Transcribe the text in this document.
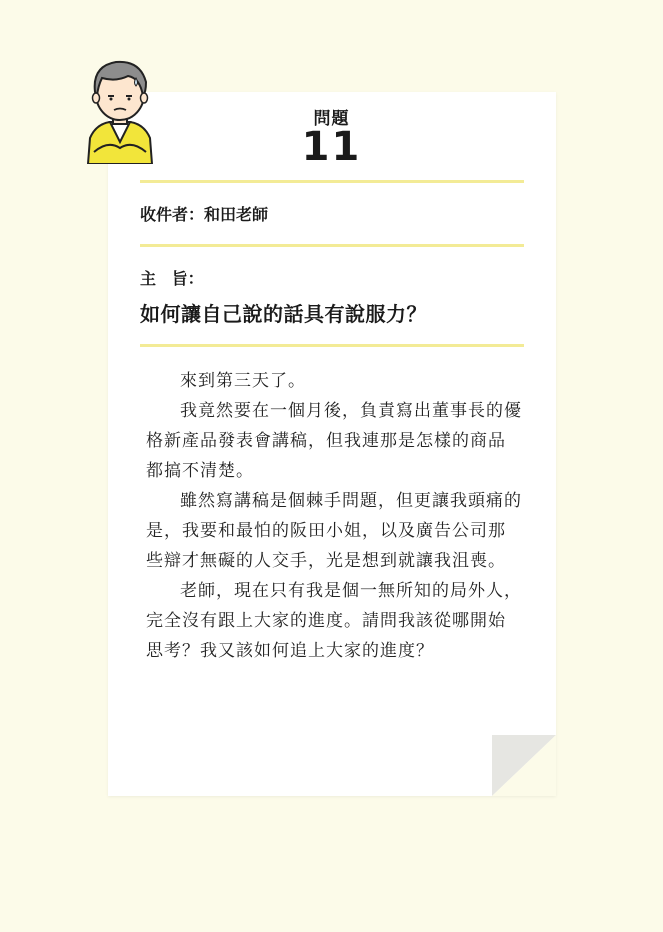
問題
11
收件者：和田老師
主 旨：
如何讓自己說的話具有說服力？

來到第三天了。

我竟然要在一個月後，負責寫出董事長的優格新產品發表會講稿，但我連那是怎樣的商品都搞不清楚。

雖然寫講稿是個棘手問題，但更讓我頭痛的是，我要和最怕的阪田小姐，以及廣告公司那些辯才無礙的人交手，光是想到就讓我沮喪。

老師，現在只有我是個一無所知的局外人，完全沒有跟上大家的進度。請問我該從哪開始思考？我又該如何追上大家的進度？
